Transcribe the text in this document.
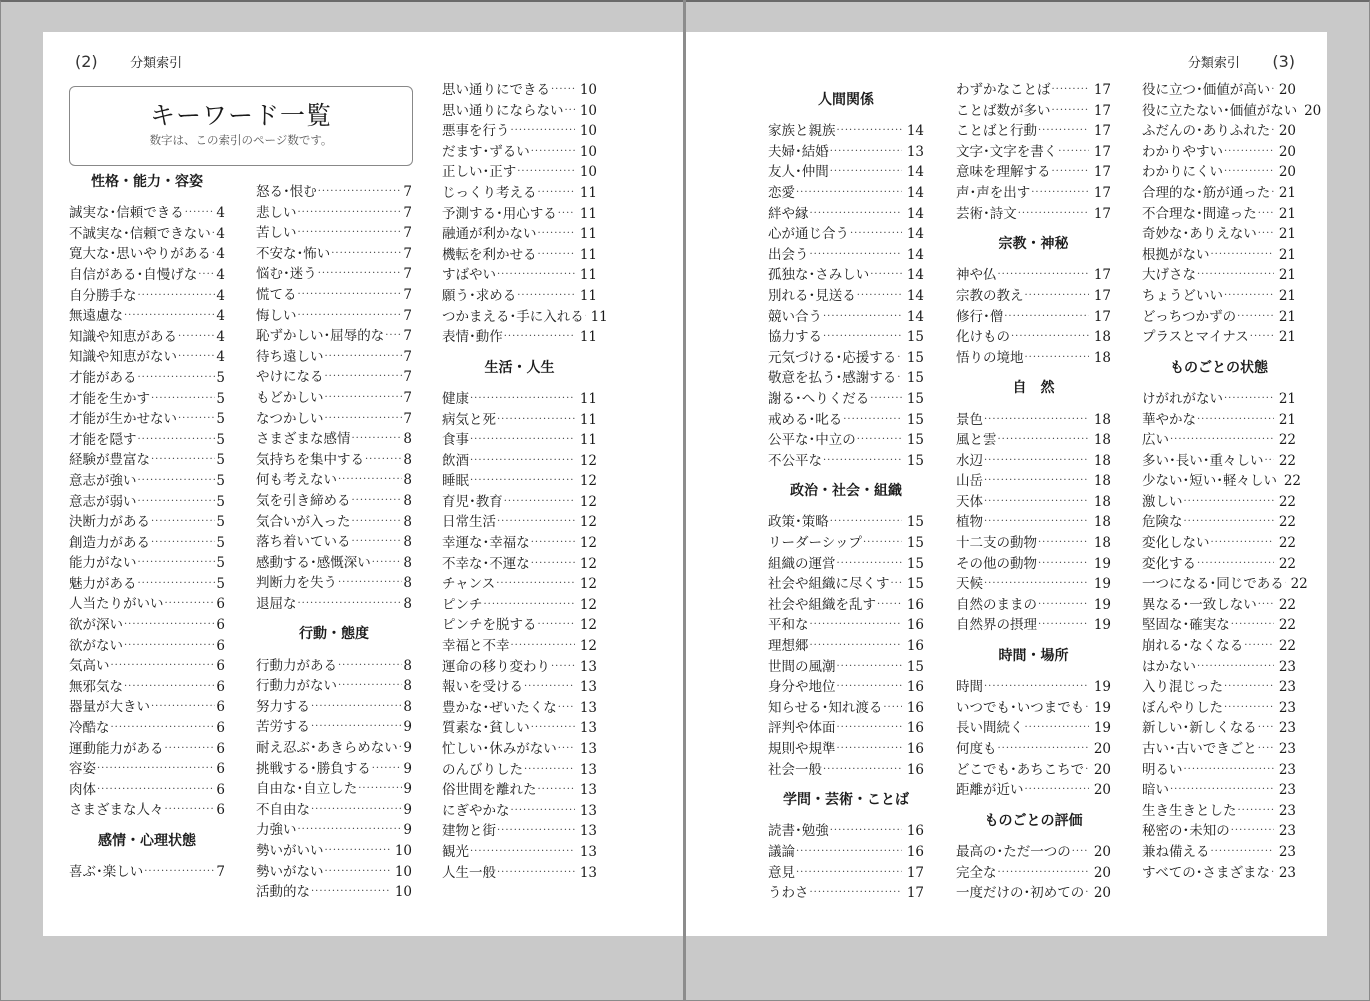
(2) 分類索引
キーワード一覧
数字は、この索引のページ数です。
性格・能力・容姿
誠実な･信頼できる ····· 4
不誠実な･信頼できない ····· 4
寛大な･思いやりがある ····· 4
自信がある･自慢げな ····· 4
自分勝手な ·····	4
無遠慮な ·····	4
知識や知恵がある ·····	4
知識や知恵がない ·····	4
才能がある ·····	5
才能を生かす ·····	5
才能が生かせない ·····	5
才能を隠す ·····	5
経験が豊富な ·····	5
意志が強い ·····	5
意志が弱い ·····	5
決断力がある ·····	5
創造力がある ·····	5
能力がない ·····	5
魅力がある ·····	5
人当たりがいい ·····	6
欲が深い ·····	6
欲がない ·····	6
気高い ·····	6
無邪気な ·····	6
器量が大きい ·····	6
冷酷な ·····	6
運動能力がある ·····	6
容姿 ·····	6
肉体 ·····	6
さまざまな人々 ·····	6
感情・心理状態
喜ぶ･楽しい ·····	7
怒る･恨む ·····	7
悲しい ·····	7
苦しい ·····	7
不安な･怖い ·····	7
悩む･迷う ·····	7
慌てる ·····	7
悔しい ·····	7
恥ずかしい･屈辱的な ····· 7
待ち遠しい ·····	7
やけになる ·····	7
もどかしい ·····	7
なつかしい ·····	7
さまざまな感情 ·····	8
気持ちを集中する ·····	8
何も考えない ·····	8
気を引き締める ·····	8
気合いが入った ·····	8
落ち着いている ·····	8
感動する･感慨深い ····· 8
判断力を失う ·····	8
退屈な ·····	8
行動・態度
行動力がある ·····	8
行動力がない ·····	8
努力する ·····	8
苦労する ·····	9
耐え忍ぶ･あきらめない ····· 9
挑戦する･勝負する ····· 9
自由な･自立した ·····	9
不自由な ·····	9
力強い ·····	9
勢いがいい ·····	10
勢いがない ·····	10
活動的な ·····	10
思い通りにできる ·····	10
思い通りにならない ·····	10
悪事を行う ·····	10
だます･ずるい ·····	10
正しい･正す ·····	10
じっくり考える ·····	11
予測する･用心する ·····	11
融通が利かない ·····	11
機転を利かせる ·····	11
すばやい ·····	11
願う･求める ·····	11
つかまえる･手に入れる ····· 11
表情･動作 ·····	11
生活・人生
健康 ·····	11
病気と死 ·····	11
食事 ·····	11
飲酒 ·····	12
睡眠 ·····	12
育児･教育 ·····	12
日常生活 ·····	12
幸運な･幸福な ·····	12
不幸な･不運な ·····	12
チャンス ·····	12
ピンチ ·····	12
ピンチを脱する ·····	12
幸福と不幸 ·····	12
運命の移り変わり ·····	13
報いを受ける ·····	13
豊かな･ぜいたくな ·····	13
質素な･貧しい ·····	13
忙しい･休みがない ·····	13
のんびりした ·····	13
俗世間を離れた ·····	13
にぎやかな ·····	13
建物と街 ·····	13
観光 ·····	13
人生一般 ·····	13
分類索引 (3)
人間関係
家族と親族 ·····	14
夫婦･結婚 ·····	13
友人･仲間 ·····	14
恋愛 ·····	14
絆や縁 ·····	14
心が通じ合う ·····	14
出会う ·····	14
孤独な･さみしい ·····	14
別れる･見送る ·····	14
競い合う ·····	14
協力する ·····	15
元気づける･応援する ····· 15
敬意を払う･感謝する ····· 15
謝る･へりくだる ·····	15
戒める･叱る ·····	15
公平な･中立の ·····	15
不公平な ·····	15
政治・社会・組織
政策･策略 ·····	15
リーダーシップ ·····	15
組織の運営 ·····	15
社会や組織に尽くす ·····	15
社会や組織を乱す ·····	16
平和な ·····	16
理想郷 ·····	16
世間の風潮 ·····	15
身分や地位 ·····	16
知らせる･知れ渡る ·····	16
評判や体面 ·····	16
規則や規準 ·····	16
社会一般 ·····	16
学問・芸術・ことば
読書･勉強 ·····	16
議論 ·····	16
意見 ·····	17
うわさ ·····	17
わずかなことば ·····	17
ことば数が多い ·····	17
ことばと行動 ·····	17
文字･文字を書く ·····	17
意味を理解する ·····	17
声･声を出す ·····	17
芸術･詩文 ·····	17
宗教・神秘
神や仏 ·····	17
宗教の教え ·····	17
修行･僧 ·····	17
化けもの ·····	18
悟りの境地 ·····	18
自　然
景色 ·····	18
風と雲 ·····	18
水辺 ·····	18
山岳 ·····	18
天体 ·····	18
植物 ·····	18
十二支の動物 ·····	18
その他の動物 ·····	19
天候 ·····	19
自然のままの ·····	19
自然界の摂理 ·····	19
時間・場所
時間 ·····	19
いつでも･いつまでも ····· 19
長い間続く ·····	19
何度も ·····	20
どこでも･あちこちで ····· 20
距離が近い ·····	20
ものごとの評価
最高の･ただ一つの ·····	20
完全な ·····	20
一度だけの･初めての ····· 20
役に立つ･価値が高い ····· 20
役に立たない･価値がない ····· 20
ふだんの･ありふれた ····· 20
わかりやすい ·····	20
わかりにくい ·····	20
合理的な･筋が通った ····· 21
不合理な･間違った ·····	21
奇妙な･ありえない ·····	21
根拠がない ·····	21
大げさな ·····	21
ちょうどいい ·····	21
どっちつかずの ·····	21
プラスとマイナス ·····	21
ものごとの状態
けがれがない ·····	21
華やかな ·····	21
広い ·····	22
多い･長い･重々しい ·····	22
少ない･短い･軽々しい ····· 22
激しい ·····	22
危険な ·····	22
変化しない ·····	22
変化する ·····	22
一つになる･同じである ····· 22
異なる･一致しない ·····	22
堅固な･確実な ·····	22
崩れる･なくなる ·····	22
はかない ·····	23
入り混じった ·····	23
ぼんやりした ·····	23
新しい･新しくなる ·····	23
古い･古いできごと ·····	23
明るい ·····	23
暗い ·····	23
生き生きとした ·····	23
秘密の･未知の ·····	23
兼ね備える ·····	23
すべての･さまざまな ····· 23
